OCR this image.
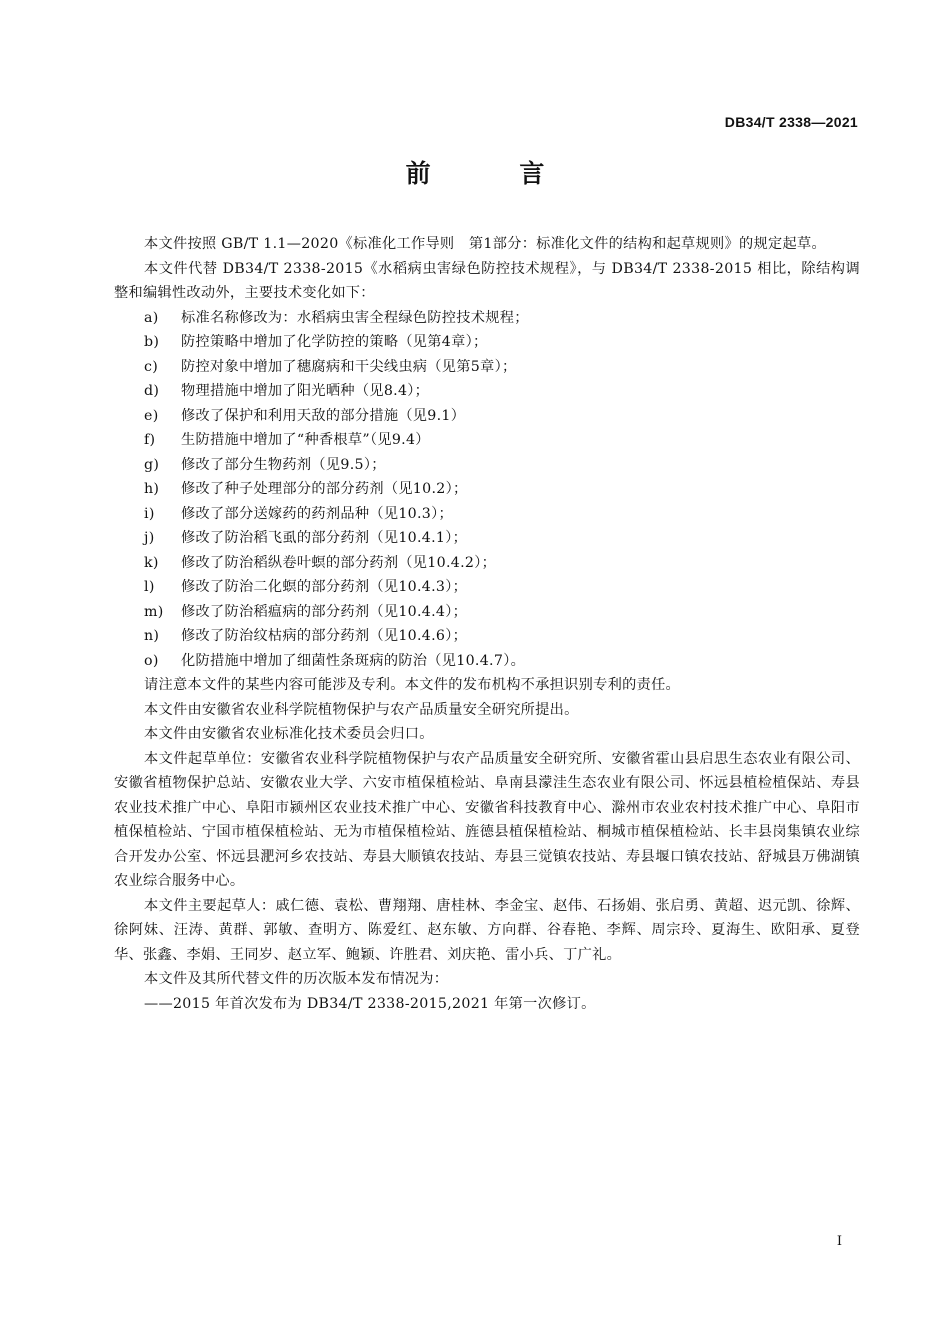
DB34/T 2338—2021
前 言

本文件按照 GB/T 1.1—2020《标准化工作导则　第1部分：标准化文件的结构和起草规则》的规定起草。

本文件代替 DB34/T 2338-2015《水稻病虫害绿色防控技术规程》，与 DB34/T 2338-2015 相比，除结构调整和编辑性改动外，主要技术变化如下：

a)	标准名称修改为：水稻病虫害全程绿色防控技术规程；
b)	防控策略中增加了化学防控的策略（见第4章）；
c)	防控对象中增加了穗腐病和干尖线虫病（见第5章）；
d)	物理措施中增加了阳光晒种（见8.4）；
e)	修改了保护和利用天敌的部分措施（见9.1）
f)	生防措施中增加了“种香根草”（见9.4）
g)	修改了部分生物药剂（见9.5）；
h)	修改了种子处理部分的部分药剂（见10.2）；
i)	修改了部分送嫁药的药剂品种（见10.3）；
j)	修改了防治稻飞虱的部分药剂（见10.4.1）；
k)	修改了防治稻纵卷叶螟的部分药剂（见10.4.2）；
l)	修改了防治二化螟的部分药剂（见10.4.3）；
m)	修改了防治稻瘟病的部分药剂（见10.4.4）；
n)	修改了防治纹枯病的部分药剂（见10.4.6）；
o)	化防措施中增加了细菌性条斑病的防治（见10.4.7）。

请注意本文件的某些内容可能涉及专利。本文件的发布机构不承担识别专利的责任。

本文件由安徽省农业科学院植物保护与农产品质量安全研究所提出。

本文件由安徽省农业标准化技术委员会归口。

本文件起草单位：安徽省农业科学院植物保护与农产品质量安全研究所、安徽省霍山县启思生态农业有限公司、安徽省植物保护总站、安徽农业大学、六安市植保植检站、阜南县濛洼生态农业有限公司、怀远县植检植保站、寿县农业技术推广中心、阜阳市颍州区农业技术推广中心、安徽省科技教育中心、滁州市农业农村技术推广中心、阜阳市植保植检站、宁国市植保植检站、无为市植保植检站、旌德县植保植检站、桐城市植保植检站、长丰县岗集镇农业综合开发办公室、怀远县淝河乡农技站、寿县大顺镇农技站、寿县三觉镇农技站、寿县堰口镇农技站、舒城县万佛湖镇农业综合服务中心。

本文件主要起草人：戚仁德、袁松、曹翔翔、唐桂林、李金宝、赵伟、石扬娟、张启勇、黄超、迟元凯、徐辉、徐阿妹、汪涛、黄群、郭敏、查明方、陈爱红、赵东敏、方向群、谷春艳、李辉、周宗玲、夏海生、欧阳承、夏登华、张鑫、李娟、王同岁、赵立军、鲍颖、许胜君、刘庆艳、雷小兵、丁广礼。

本文件及其所代替文件的历次版本发布情况为：

——2015 年首次发布为 DB34/T 2338-2015,2021 年第一次修订。

I
